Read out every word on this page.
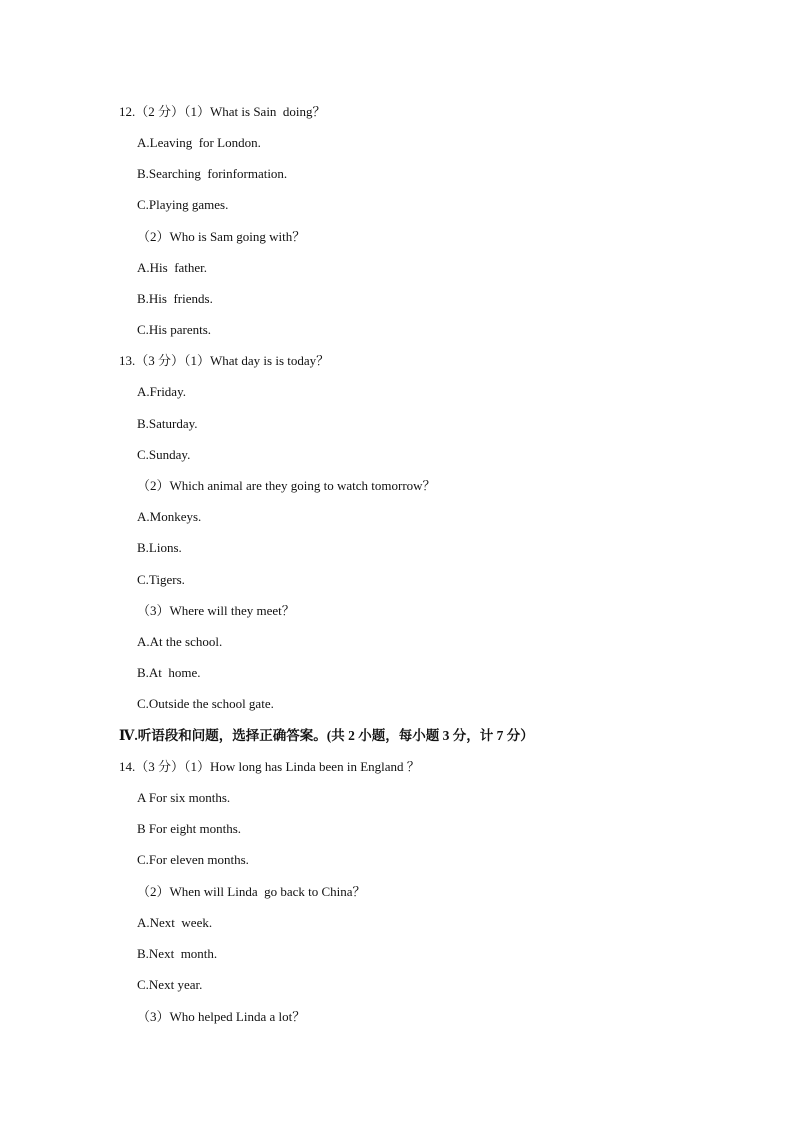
12.（2 分）（1）What is Sain  doing？
A.Leaving  for London.
B.Searching  forinformation.
C.Playing games.
（2）Who is Sam going with？
A.His  father.
B.His  friends.
C.His parents.
13.（3 分）（1）What day is is today？
A.Friday.
B.Saturday.
C.Sunday.
（2）Which animal are they going to watch tomorrow？
A.Monkeys.
B.Lions.
C.Tigers.
（3）Where will they meet？
A.At the school.
B.At  home.
C.Outside the school gate.
Ⅳ.听语段和问题，选择正确答案。(共 2 小题，每小题 3 分，计 7 分）
14.（3 分）（1）How long has Linda been in England ？
A For six months.
B For eight months.
C.For eleven months.
（2）When will Linda  go back to China？
A.Next  week.
B.Next  month.
C.Next year.
（3）Who helped Linda a lot？
